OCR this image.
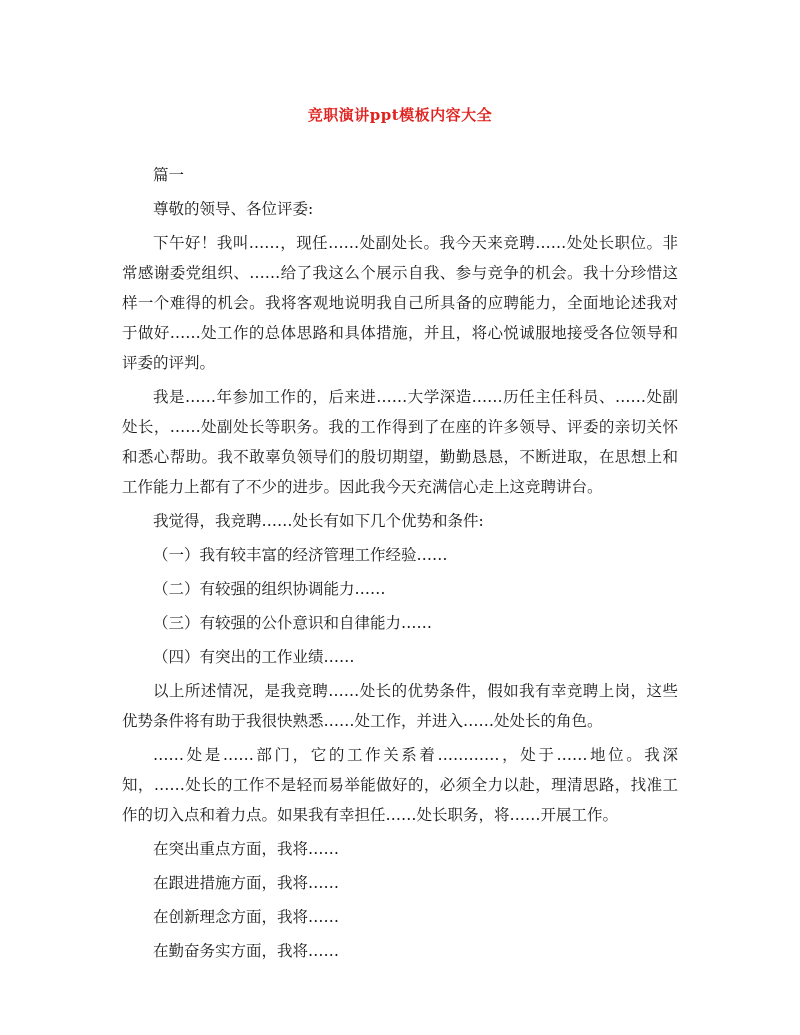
竞职演讲ppt模板内容大全

篇一

尊敬的领导、各位评委:

下午好！我叫……，现任……处副处长。我今天来竞聘……处处长职位。非常感谢委党组织、……给了我这么个展示自我、参与竞争的机会。我十分珍惜这样一个难得的机会。我将客观地说明我自己所具备的应聘能力，全面地论述我对于做好……处工作的总体思路和具体措施，并且，将心悦诚服地接受各位领导和评委的评判。

我是……年参加工作的，后来进……大学深造……历任主任科员、……处副处长，……处副处长等职务。我的工作得到了在座的许多领导、评委的亲切关怀和悉心帮助。我不敢辜负领导们的殷切期望，勤勤恳恳，不断进取，在思想上和工作能力上都有了不少的进步。因此我今天充满信心走上这竞聘讲台。

我觉得，我竞聘……处长有如下几个优势和条件:

（一）我有较丰富的经济管理工作经验……

（二）有较强的组织协调能力……

（三）有较强的公仆意识和自律能力……

（四）有突出的工作业绩……

以上所述情况，是我竞聘……处长的优势条件，假如我有幸竞聘上岗，这些优势条件将有助于我很快熟悉……处工作，并进入……处处长的角色。

……处是……部门，它的工作关系着…………，处于……地位。我深知，……处长的工作不是轻而易举能做好的，必须全力以赴，理清思路，找准工作的切入点和着力点。如果我有幸担任……处长职务，将……开展工作。

在突出重点方面，我将……

在跟进措施方面，我将……

在创新理念方面，我将……

在勤奋务实方面，我将……
